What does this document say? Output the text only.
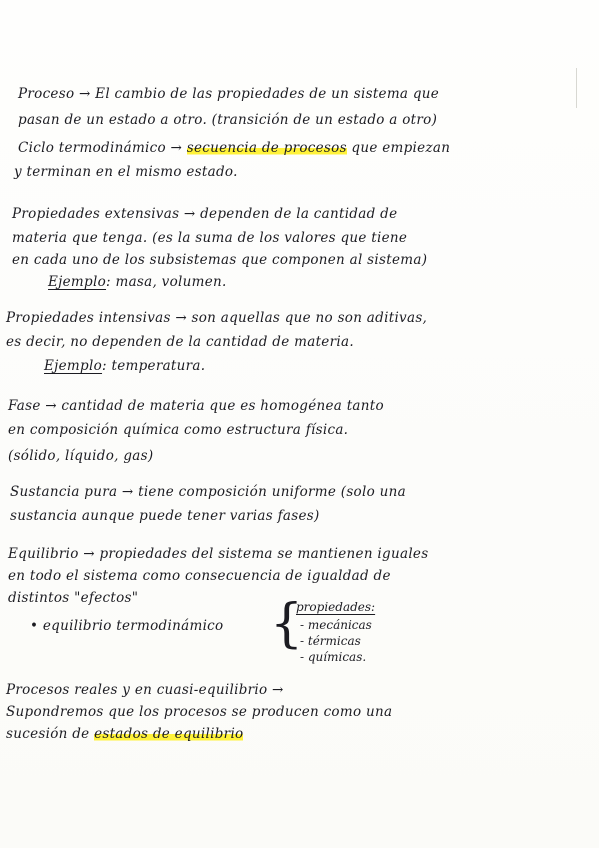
Proceso → El cambio de las propiedades de un sistema que
pasan de un estado a otro. (transición de un estado a otro)
Ciclo termodinámico → secuencia de procesos que empiezan
y terminan en el mismo estado.
Propiedades extensivas → dependen de la cantidad de
materia que tenga. (es la suma de los valores que tiene
en cada uno de los subsistemas que componen al sistema)
Ejemplo: masa, volumen.
Propiedades intensivas → son aquellas que no son aditivas,
es decir, no dependen de la cantidad de materia.
Ejemplo: temperatura.
Fase → cantidad de materia que es homogénea tanto
en composición química como estructura física.
(sólido, líquido, gas)
Sustancia pura → tiene composición uniforme (solo una
sustancia aunque puede tener varias fases)
Equilibrio → propiedades del sistema se mantienen iguales
en todo el sistema como consecuencia de igualdad de
distintos "efectos"
• equilibrio termodinámico {
propiedades:
- mecánicas
- térmicas
- químicas.
Procesos reales y en cuasi-equilibrio →
Supondremos que los procesos se producen como una
sucesión de estados de equilibrio
